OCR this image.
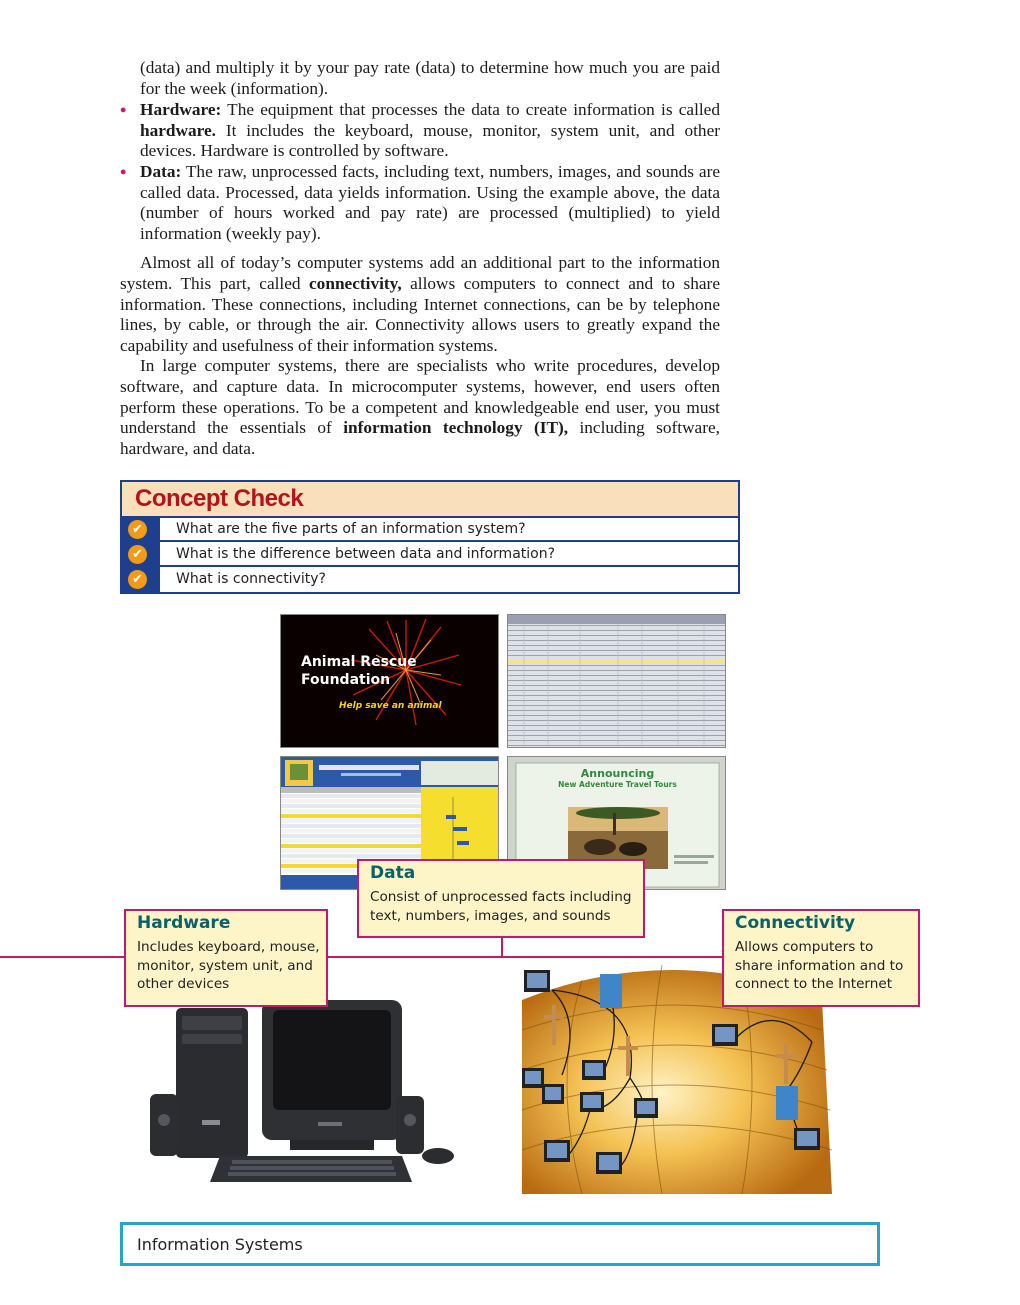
(data) and multiply it by your pay rate (data) to determine how much you are paid for the week (information).
• Hardware: The equipment that processes the data to create information is called hardware. It includes the keyboard, mouse, monitor, system unit, and other devices. Hardware is controlled by software.
• Data: The raw, unprocessed facts, including text, numbers, images, and sounds are called data. Processed, data yields information. Using the example above, the data (number of hours worked and pay rate) are processed (multiplied) to yield information (weekly pay).
Almost all of today’s computer systems add an additional part to the information system. This part, called connectivity, allows computers to connect and to share information. These connections, including Internet connections, can be by telephone lines, by cable, or through the air. Connectivity allows users to greatly expand the capability and usefulness of their information systems.
In large computer systems, there are specialists who write procedures, develop software, and capture data. In microcomputer systems, however, end users often perform these operations. To be a competent and knowledgeable end user, you must understand the essentials of information technology (IT), including software, hardware, and data.
Concept Check
✔ What are the five parts of an information system?
✔ What is the difference between data and information?
✔ What is connectivity?
Animal Rescue
Foundation
Help save an animal
Announcing
New Adventure Travel Tours
Data
Consist of unprocessed facts including
text, numbers, images, and sounds
Hardware
Includes keyboard, mouse,
monitor, system unit, and
other devices
Connectivity
Allows computers to
share information and to
connect to the Internet
Information Systems
